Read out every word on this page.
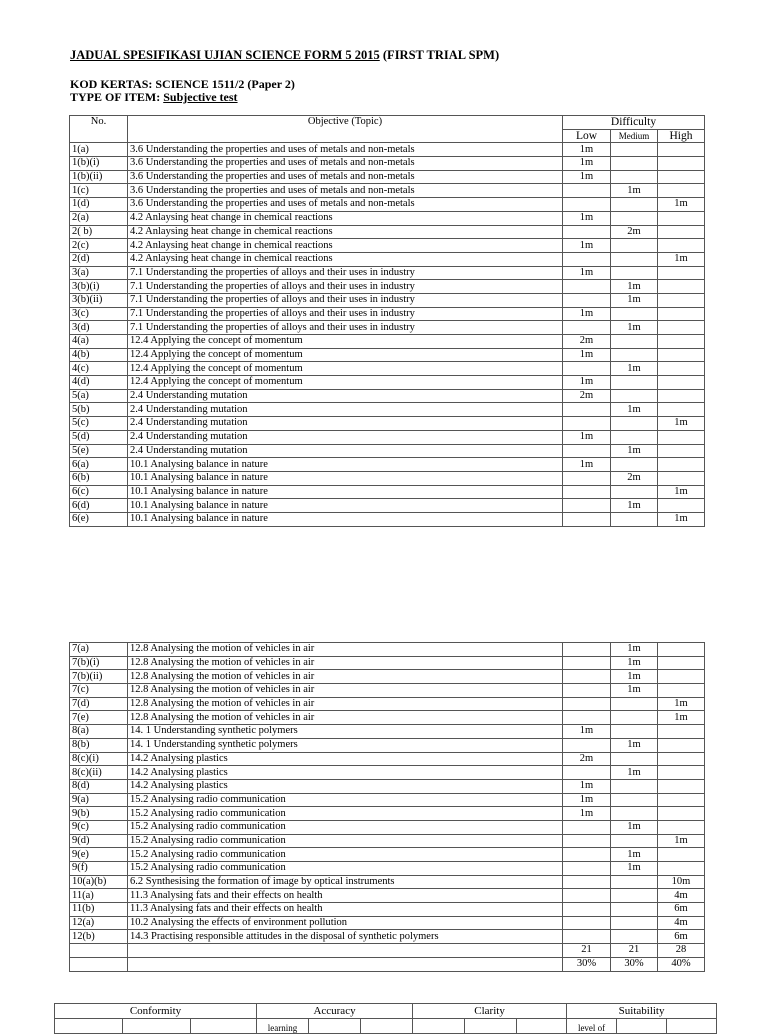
JADUAL SPESIFIKASI UJIAN SCIENCE FORM 5 2015 (FIRST TRIAL SPM)
KOD KERTAS: SCIENCE 1511/2 (Paper 2)
TYPE OF ITEM: Subjective test
No.	Objective (Topic)	Difficulty		
		Low	Medium	High
1(a)	3.6 Understanding the properties and uses of metals and non-metals	1m		
1(b)(i)	3.6 Understanding the properties and uses of metals and non-metals	1m		
1(b)(ii)	3.6 Understanding the properties and uses of metals and non-metals	1m		
1(c)	3.6 Understanding the properties and uses of metals and non-metals		1m	
1(d)	3.6 Understanding the properties and uses of metals and non-metals			1m
2(a)	4.2 Anlaysing heat change in chemical reactions	1m		
2( b)	4.2 Anlaysing heat change in chemical reactions		2m	
2(c)	4.2 Anlaysing heat change in chemical reactions	1m		
2(d)	4.2 Anlaysing heat change in chemical reactions			1m
3(a)	7.1 Understanding the properties of alloys and their uses in industry	1m		
3(b)(i)	7.1 Understanding the properties of alloys and their uses in industry		1m	
3(b)(ii)	7.1 Understanding the properties of alloys and their uses in industry		1m	
3(c)	7.1 Understanding the properties of alloys and their uses in industry	1m		
3(d)	7.1 Understanding the properties of alloys and their uses in industry		1m	
4(a)	12.4 Applying the concept of momentum	2m		
4(b)	12.4 Applying the concept of momentum	1m		
4(c)	12.4 Applying the concept of momentum		1m	
4(d)	12.4 Applying the concept of momentum	1m		
5(a)	2.4 Understanding mutation	2m		
5(b)	2.4 Understanding mutation		1m	
5(c)	2.4 Understanding mutation			1m
5(d)	2.4 Understanding mutation	1m		
5(e)	2.4 Understanding mutation		1m	
6(a)	10.1 Analysing balance in nature	1m		
6(b)	10.1 Analysing balance in nature		2m	
6(c)	10.1 Analysing balance in nature			1m
6(d)	10.1 Analysing balance in nature		1m	
6(e)	10.1 Analysing balance in nature			1m
7(a)	12.8 Analysing the motion of vehicles in air		1m	
7(b)(i)	12.8 Analysing the motion of vehicles in air		1m	
7(b)(ii)	12.8 Analysing the motion of vehicles in air		1m	
7(c)	12.8 Analysing the motion of vehicles in air		1m	
7(d)	12.8 Analysing the motion of vehicles in air			1m
7(e)	12.8 Analysing the motion of vehicles in air			1m
8(a)	14. 1 Understanding synthetic polymers	1m		
8(b)	14. 1 Understanding synthetic polymers		1m	
8(c)(i)	14.2 Analysing plastics	2m		
8(c)(ii)	14.2 Analysing plastics		1m	
8(d)	14.2 Analysing plastics	1m		
9(a)	15.2 Analysing radio communication	1m		
9(b)	15.2 Analysing radio communication	1m		
9(c)	15.2 Analysing radio communication		1m	
9(d)	15.2 Analysing radio communication			1m
9(e)	15.2 Analysing radio communication		1m	
9(f)	15.2 Analysing radio communication		1m	
10(a)(b)	6.2 Synthesising the formation of image by optical instruments			10m
11(a)	11.3 Analysing fats and their effects on health			4m
11(b)	11.3 Analysing fats and their effects on health			6m
12(a)	10.2 Analysing the effects of environment pollution			4m
12(b)	14.3 Practising responsible attitudes in the disposal of synthetic polymers			6m
		21	21	28
		30%	30%	40%
Conformity			Accuracy			Clarity			Suitability		
			learning						level of		
